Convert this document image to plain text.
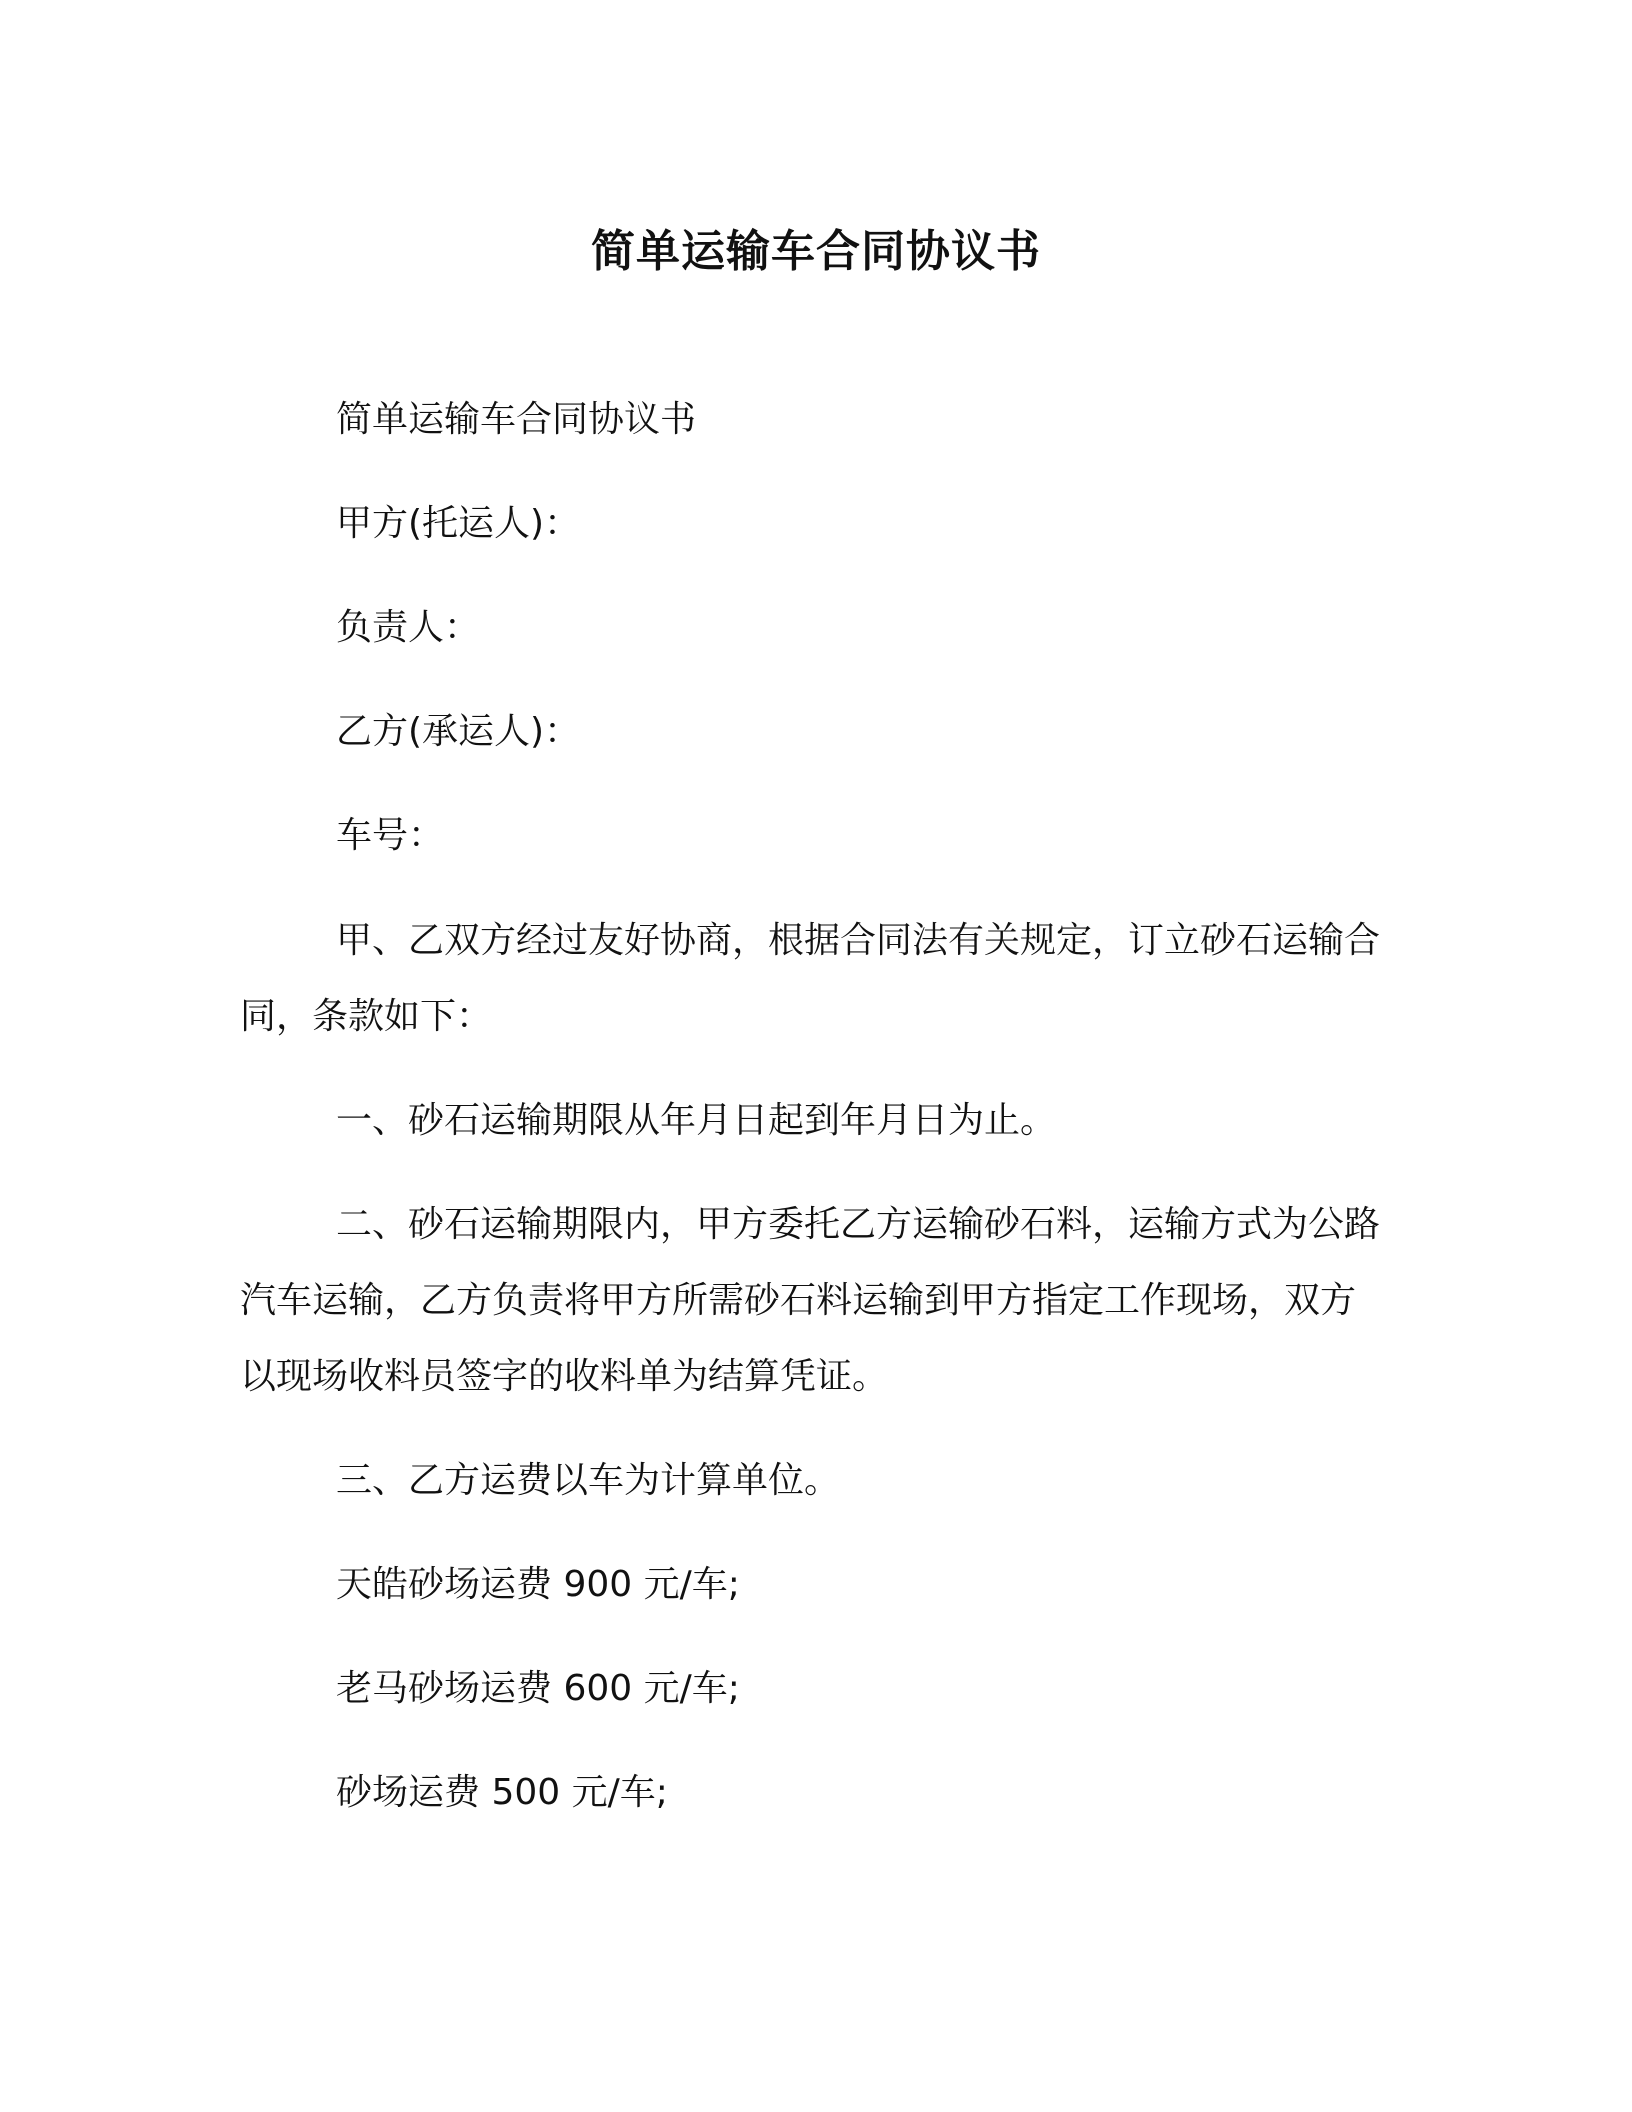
简单运输车合同协议书

简单运输车合同协议书

甲方(托运人)：

负责人：

乙方(承运人)：

车号：

甲、乙双方经过友好协商，根据合同法有关规定，订立砂石运输合同，条款如下：

一、砂石运输期限从年月日起到年月日为止。

二、砂石运输期限内，甲方委托乙方运输砂石料，运输方式为公路汽车运输，乙方负责将甲方所需砂石料运输到甲方指定工作现场，双方以现场收料员签字的收料单为结算凭证。

三、乙方运费以车为计算单位。

天皓砂场运费 900 元/车;

老马砂场运费 600 元/车;

砂场运费 500 元/车;
